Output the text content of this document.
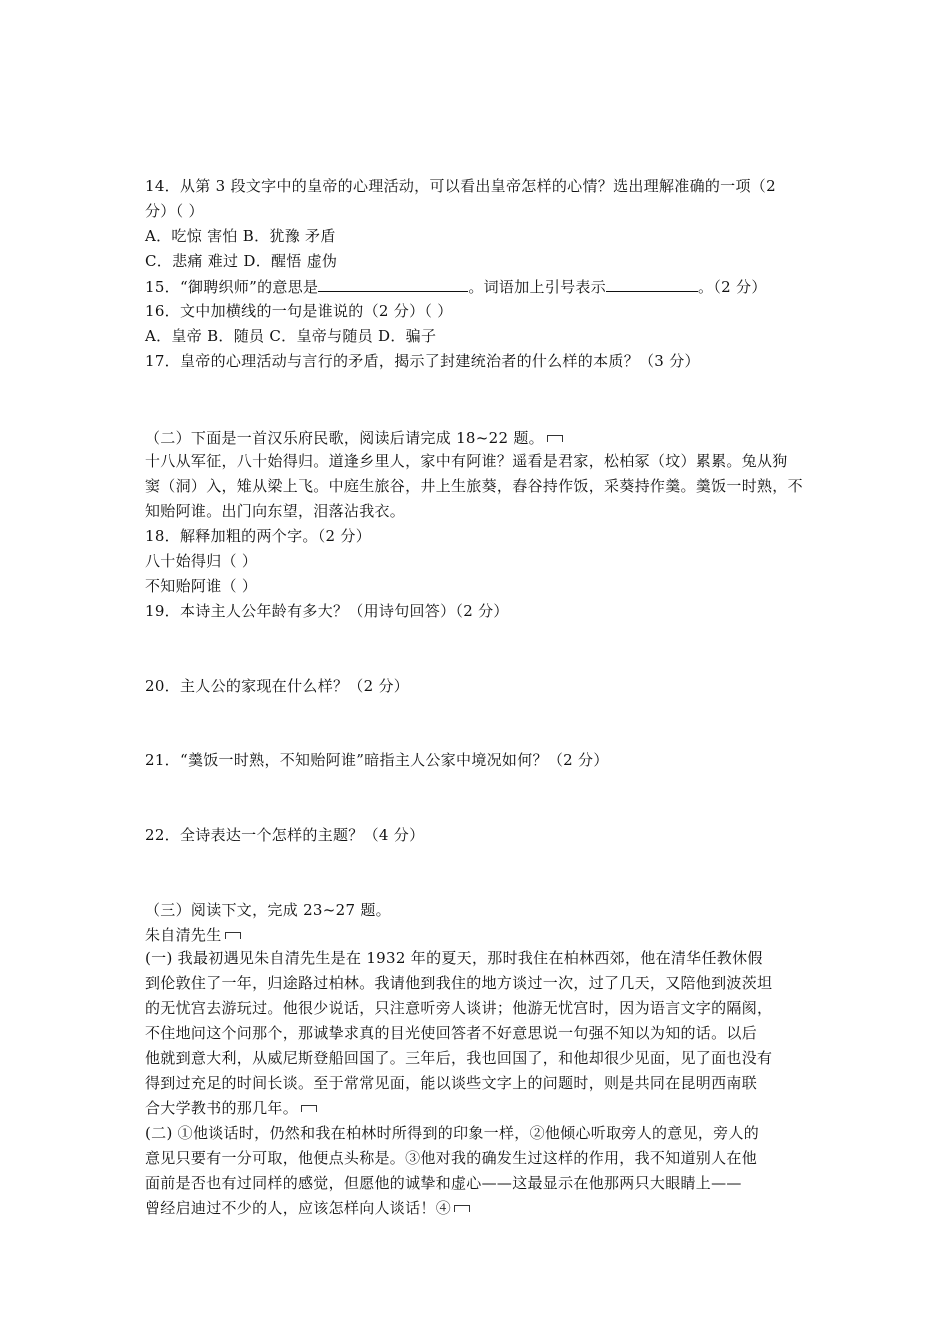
14．从第 3 段文字中的皇帝的心理活动，可以看出皇帝怎样的心情？选出理解准确的一项（2
分）（ ）
A．吃惊 害怕 B．犹豫 矛盾
C．悲痛 难过 D．醒悟 虚伪
15．“御聘织师”的意思是	。词语加上引号表示	。（2 分）
16．文中加横线的一句是谁说的（2 分）（ ）
A．皇帝 B．随员 C．皇帝与随员 D．骗子
17．皇帝的心理活动与言行的矛盾，揭示了封建统治者的什么样的本质？（3 分）
（二）下面是一首汉乐府民歌，阅读后请完成 18~22 题。
十八从军征，八十始得归。道逢乡里人，家中有阿谁？遥看是君家，松柏冢（坟）累累。兔从狗
窦（洞）入，雉从梁上飞。中庭生旅谷，井上生旅葵，舂谷持作饭，采葵持作羹。羹饭一时熟，不
知贻阿谁。出门向东望，泪落沾我衣。
18．解释加粗的两个字。（2 分）
八十始得归（ ）
不知贻阿谁（ ）
19．本诗主人公年龄有多大？（用诗句回答）（2 分）
20．主人公的家现在什么样？（2 分）
21．“羹饭一时熟，不知贻阿谁”暗指主人公家中境况如何？（2 分）
22．全诗表达一个怎样的主题？（4 分）
（三）阅读下文，完成 23~27 题。
朱自清先生
(一) 我最初遇见朱自清先生是在 1932 年的夏天，那时我住在柏林西郊，他在清华任教休假
到伦敦住了一年，归途路过柏林。我请他到我住的地方谈过一次，过了几天，又陪他到波茨坦
的无忧宫去游玩过。他很少说话，只注意听旁人谈讲；他游无忧宫时，因为语言文字的隔阂，
不住地问这个问那个，那诚挚求真的目光使回答者不好意思说一句强不知以为知的话。以后
他就到意大利，从威尼斯登船回国了。三年后，我也回国了，和他却很少见面，见了面也没有
得到过充足的时间长谈。至于常常见面，能以谈些文字上的问题时，则是共同在昆明西南联
合大学教书的那几年。
(二) ①他谈话时，仍然和我在柏林时所得到的印象一样，②他倾心听取旁人的意见，旁人的
意见只要有一分可取，他便点头称是。③他对我的确发生过这样的作用，我不知道别人在他
面前是否也有过同样的感觉，但愿他的诚挚和虚心——这最显示在他那两只大眼睛上——
曾经启迪过不少的人，应该怎样向人谈话！④
